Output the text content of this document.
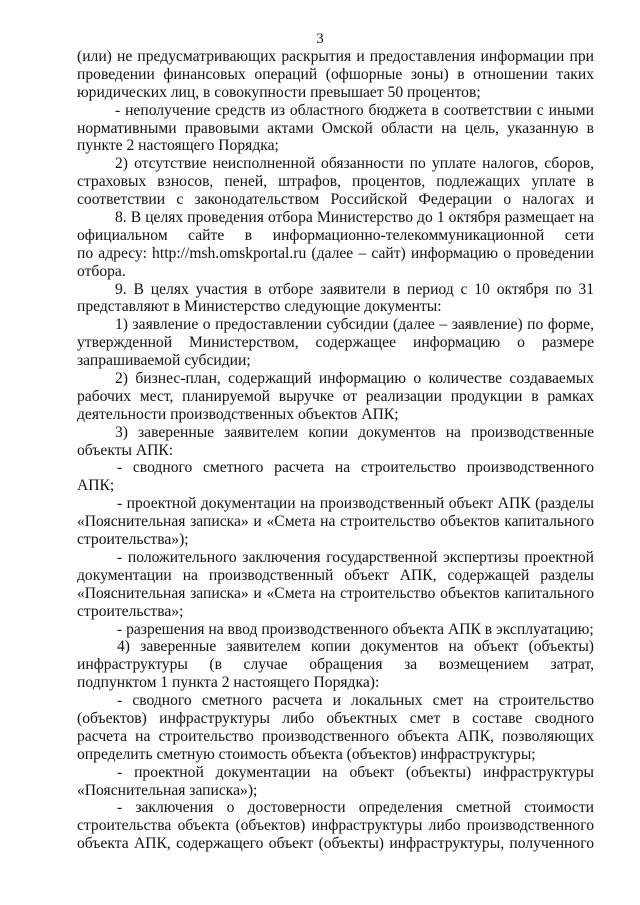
3
(или) не предусматривающих раскрытия и предоставления информации при
проведении финансовых операций (офшорные зоны) в отношении таких
юридических лиц, в совокупности превышает 50 процентов;
- неполучение средств из областного бюджета в соответствии с иными
нормативными правовыми актами Омской области на цель, указанную в
пункте 2 настоящего Порядка;
2) отсутствие неисполненной обязанности по уплате налогов, сборов,
страховых взносов, пеней, штрафов, процентов, подлежащих уплате в
соответствии с законодательством Российской Федерации о налогах и
8. В целях проведения отбора Министерство до 1 октября размещает на
официальном сайте в информационно-телекоммуникационной сети
по адресу: http://msh.omskportal.ru (далее – сайт) информацию о проведении
отбора.
9. В целях участия в отборе заявители в период с 10 октября по 31
представляют в Министерство следующие документы:
1) заявление о предоставлении субсидии (далее – заявление) по форме,
утвержденной Министерством, содержащее информацию о размере
запрашиваемой субсидии;
2) бизнес-план, содержащий информацию о количестве создаваемых
рабочих мест, планируемой выручке от реализации продукции в рамках
деятельности производственных объектов АПК;
3) заверенные заявителем копии документов на производственные
объекты АПК:
- сводного сметного расчета на строительство производственного
АПК;
- проектной документации на производственный объект АПК (разделы
«Пояснительная записка» и «Смета на строительство объектов капитального
строительства»);
- положительного заключения государственной экспертизы проектной
документации на производственный объект АПК, содержащей разделы
«Пояснительная записка» и «Смета на строительство объектов капитального
строительства»;
- разрешения на ввод производственного объекта АПК в эксплуатацию;
4) заверенные заявителем копии документов на объект (объекты)
инфраструктуры (в случае обращения за возмещением затрат,
подпунктом 1 пункта 2 настоящего Порядка):
- сводного сметного расчета и локальных смет на строительство
(объектов) инфраструктуры либо объектных смет в составе сводного
расчета на строительство производственного объекта АПК, позволяющих
определить сметную стоимость объекта (объектов) инфраструктуры;
- проектной документации на объект (объекты) инфраструктуры
«Пояснительная записка»);
- заключения о достоверности определения сметной стоимости
строительства объекта (объектов) инфраструктуры либо производственного
объекта АПК, содержащего объект (объекты) инфраструктуры, полученного
